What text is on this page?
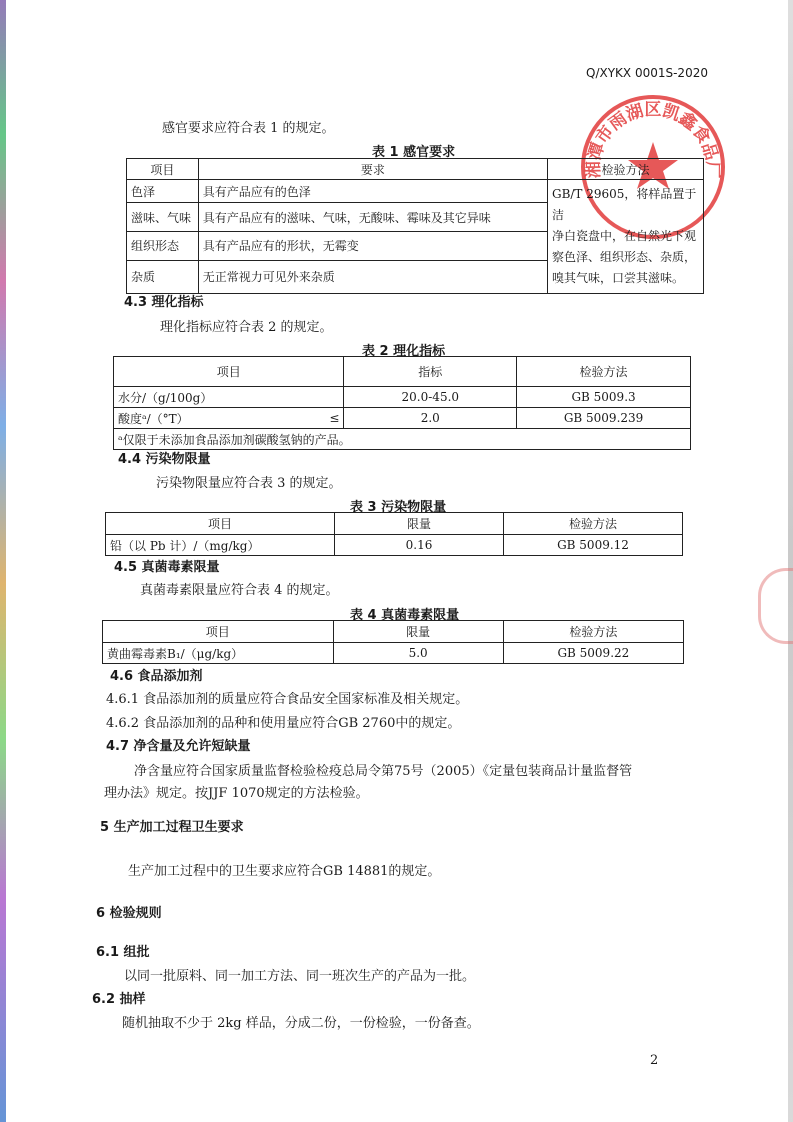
Q/XYKX 0001S-2020
湘潭市雨湖区凯鑫食品厂
感官要求应符合表 1 的规定。
表 1 感官要求
项目	要求	检验方法
色泽	具有产品应有的色泽	GB/T 29605，将样品置于洁
净白瓷盘中，在自然光下观
察色泽、组织形态、杂质，
嗅其气味，口尝其滋味。

滋味、气味	具有产品应有的滋味、气味，无酸味、霉味及其它异味	
组织形态	具有产品应有的形状，无霉变	
杂质	无正常视力可见外来杂质	
4.3 理化指标
理化指标应符合表 2 的规定。
表 2 理化指标
项目		指标	检验方法
水分/（g/100g）		20.0-45.0	GB 5009.3
酸度ᵃ/（°T）	≤	2.0	GB 5009.239
ᵃ仅限于未添加食品添加剂碳酸氢钠的产品。			
4.4 污染物限量
污染物限量应符合表 3 的规定。
表 3 污染物限量
项目	限量	检验方法
铅（以 Pb 计）/（mg/kg）	0.16	GB 5009.12
4.5 真菌毒素限量
真菌毒素限量应符合表 4 的规定。
表 4 真菌毒素限量
项目	限量	检验方法
黄曲霉毒素B₁/（μg/kg）	5.0	GB 5009.22
4.6 食品添加剂
4.6.1 食品添加剂的质量应符合食品安全国家标准及相关规定。
4.6.2 食品添加剂的品种和使用量应符合GB 2760中的规定。
4.7 净含量及允许短缺量
净含量应符合国家质量监督检验检疫总局令第75号（2005）《定量包装商品计量监督管
理办法》规定。按JJF 1070规定的方法检验。
5 生产加工过程卫生要求
生产加工过程中的卫生要求应符合GB 14881的规定。
6 检验规则
6.1 组批
以同一批原料、同一加工方法、同一班次生产的产品为一批。
6.2 抽样
随机抽取不少于 2kg 样品，分成二份，一份检验，一份备查。
2
